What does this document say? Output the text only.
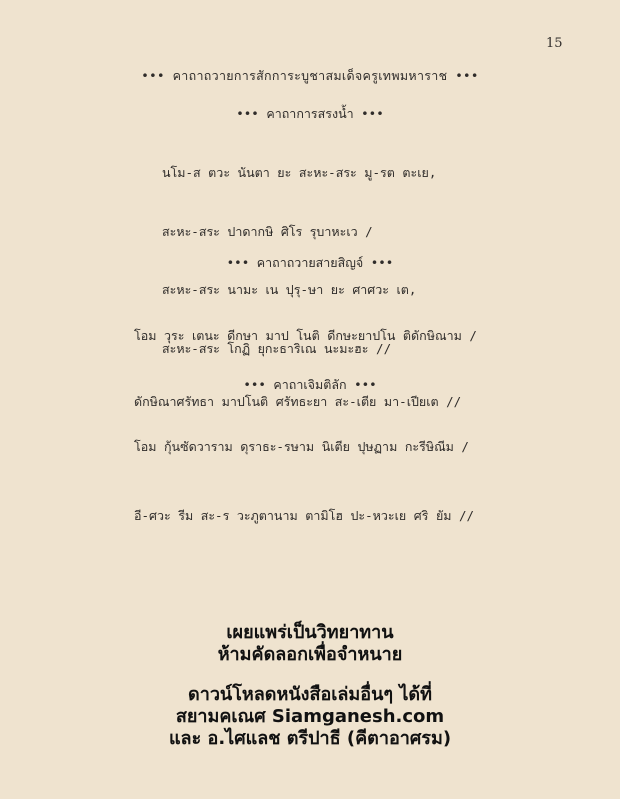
15
••• คาถาถวายการสักการะบูชาสมเด็จครูเทพมหาราช •••
••• คาถาการสรงน้ำ •••

นโม-ส ตวะ นันตา ยะ สะหะ-สระ มู-รต ตะเย,

สะหะ-สระ ปาดากษิ ศิโร รุบาหะเว /

สะหะ-สระ นามะ เน ปุรุ-ษา ยะ ศาศวะ เต,

สะหะ-สระ โกฏิ ยุกะธาริเณ นะมะฮะ //

••• คาถาถวายสายสิญจ์ •••

โอม วุระ เตนะ ดีกษา มาป โนติ ดีกษะยาปโน ติดักษิณาม /

ดักษิณาศรัทธา มาปโนติ ศรัทธะยา สะ-เตีย มา-เปียเต //

••• คาถาเจิมติลัก •••

โอม กุ้นซัดวาราม ดุราธะ-รษาม นิเตีย ปุษฏาม กะรีษิณีม /

อี-ศวะ รีม สะ-ร วะภูตานาม ตามิโฮ ปะ-หวะเย ศริ ยัม //

เผยแพร่เป็นวิทยาทาน
ห้ามคัดลอกเพื่อจำหนาย
ดาวน์โหลดหนังสือเล่มอื่นๆ ได้ที่
สยามคเณศ Siamganesh.com
และ อ.ไศแลช ตรีปาธี (คีตาอาศรม)
